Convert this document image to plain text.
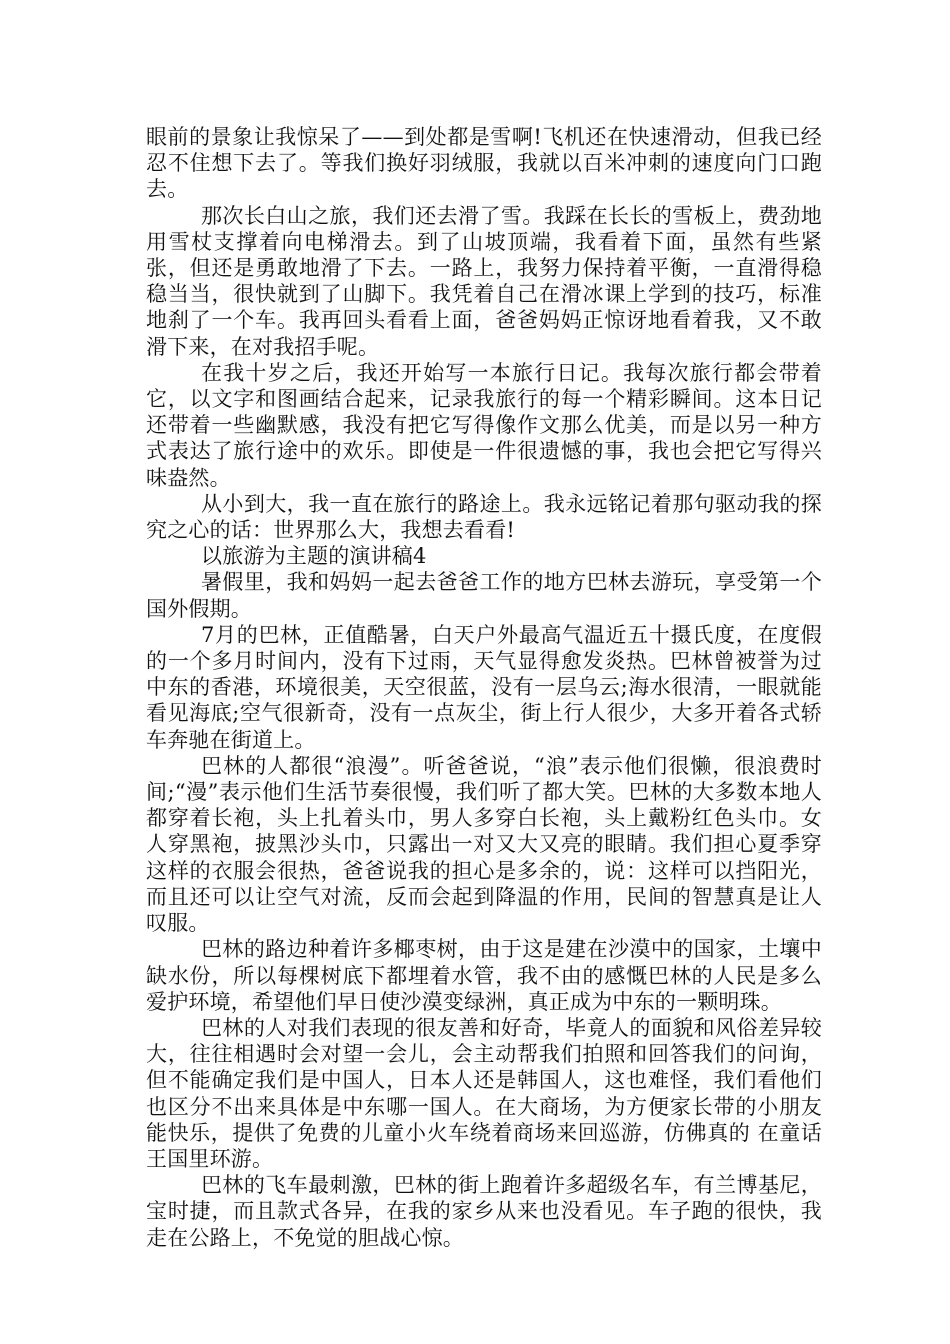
眼前的景象让我惊呆了——到处都是雪啊!飞机还在快速滑动，但我已经忍不住想下去了。等我们换好羽绒服，我就以百米冲刺的速度向门口跑去。

那次长白山之旅，我们还去滑了雪。我踩在长长的雪板上，费劲地用雪杖支撑着向电梯滑去。到了山坡顶端，我看着下面，虽然有些紧张，但还是勇敢地滑了下去。一路上，我努力保持着平衡，一直滑得稳稳当当，很快就到了山脚下。我凭着自己在滑冰课上学到的技巧，标准地刹了一个车。我再回头看看上面，爸爸妈妈正惊讶地看着我，又不敢滑下来，在对我招手呢。

在我十岁之后，我还开始写一本旅行日记。我每次旅行都会带着它，以文字和图画结合起来，记录我旅行的每一个精彩瞬间。这本日记还带着一些幽默感，我没有把它写得像作文那么优美，而是以另一种方式表达了旅行途中的欢乐。即使是一件很遗憾的事，我也会把它写得兴味盎然。

从小到大，我一直在旅行的路途上。我永远铭记着那句驱动我的探究之心的话：世界那么大，我想去看看!

以旅游为主题的演讲稿4

暑假里，我和妈妈一起去爸爸工作的地方巴林去游玩，享受第一个国外假期。

7月的巴林，正值酷暑，白天户外最高气温近五十摄氏度，在度假的一个多月时间内，没有下过雨，天气显得愈发炎热。巴林曾被誉为过中东的香港，环境很美，天空很蓝，没有一层乌云;海水很清，一眼就能看见海底;空气很新奇，没有一点灰尘，街上行人很少，大多开着各式轿车奔驰在街道上。

巴林的人都很“浪漫”。听爸爸说，“浪”表示他们很懒，很浪费时间;“漫”表示他们生活节奏很慢，我们听了都大笑。巴林的大多数本地人都穿着长袍，头上扎着头巾，男人多穿白长袍，头上戴粉红色头巾。女人穿黑袍，披黑沙头巾，只露出一对又大又亮的眼睛。我们担心夏季穿这样的衣服会很热，爸爸说我的担心是多余的，说：这样可以挡阳光，而且还可以让空气对流，反而会起到降温的作用，民间的智慧真是让人叹服。

巴林的路边种着许多椰枣树，由于这是建在沙漠中的国家，土壤中缺水份，所以每棵树底下都埋着水管，我不由的感慨巴林的人民是多么爱护环境，希望他们早日使沙漠变绿洲，真正成为中东的一颗明珠。

巴林的人对我们表现的很友善和好奇，毕竟人的面貌和风俗差异较大，往往相遇时会对望一会儿，会主动帮我们拍照和回答我们的问询，但不能确定我们是中国人，日本人还是韩国人，这也难怪，我们看他们也区分不出来具体是中东哪一国人。在大商场，为方便家长带的小朋友能快乐，提供了免费的儿童小火车绕着商场来回巡游，仿佛真的 在童话王国里环游。

巴林的飞车最刺激，巴林的街上跑着许多超级名车，有兰博基尼，宝时捷，而且款式各异，在我的家乡从来也没看见。车子跑的很快，我走在公路上，不免觉的胆战心惊。
